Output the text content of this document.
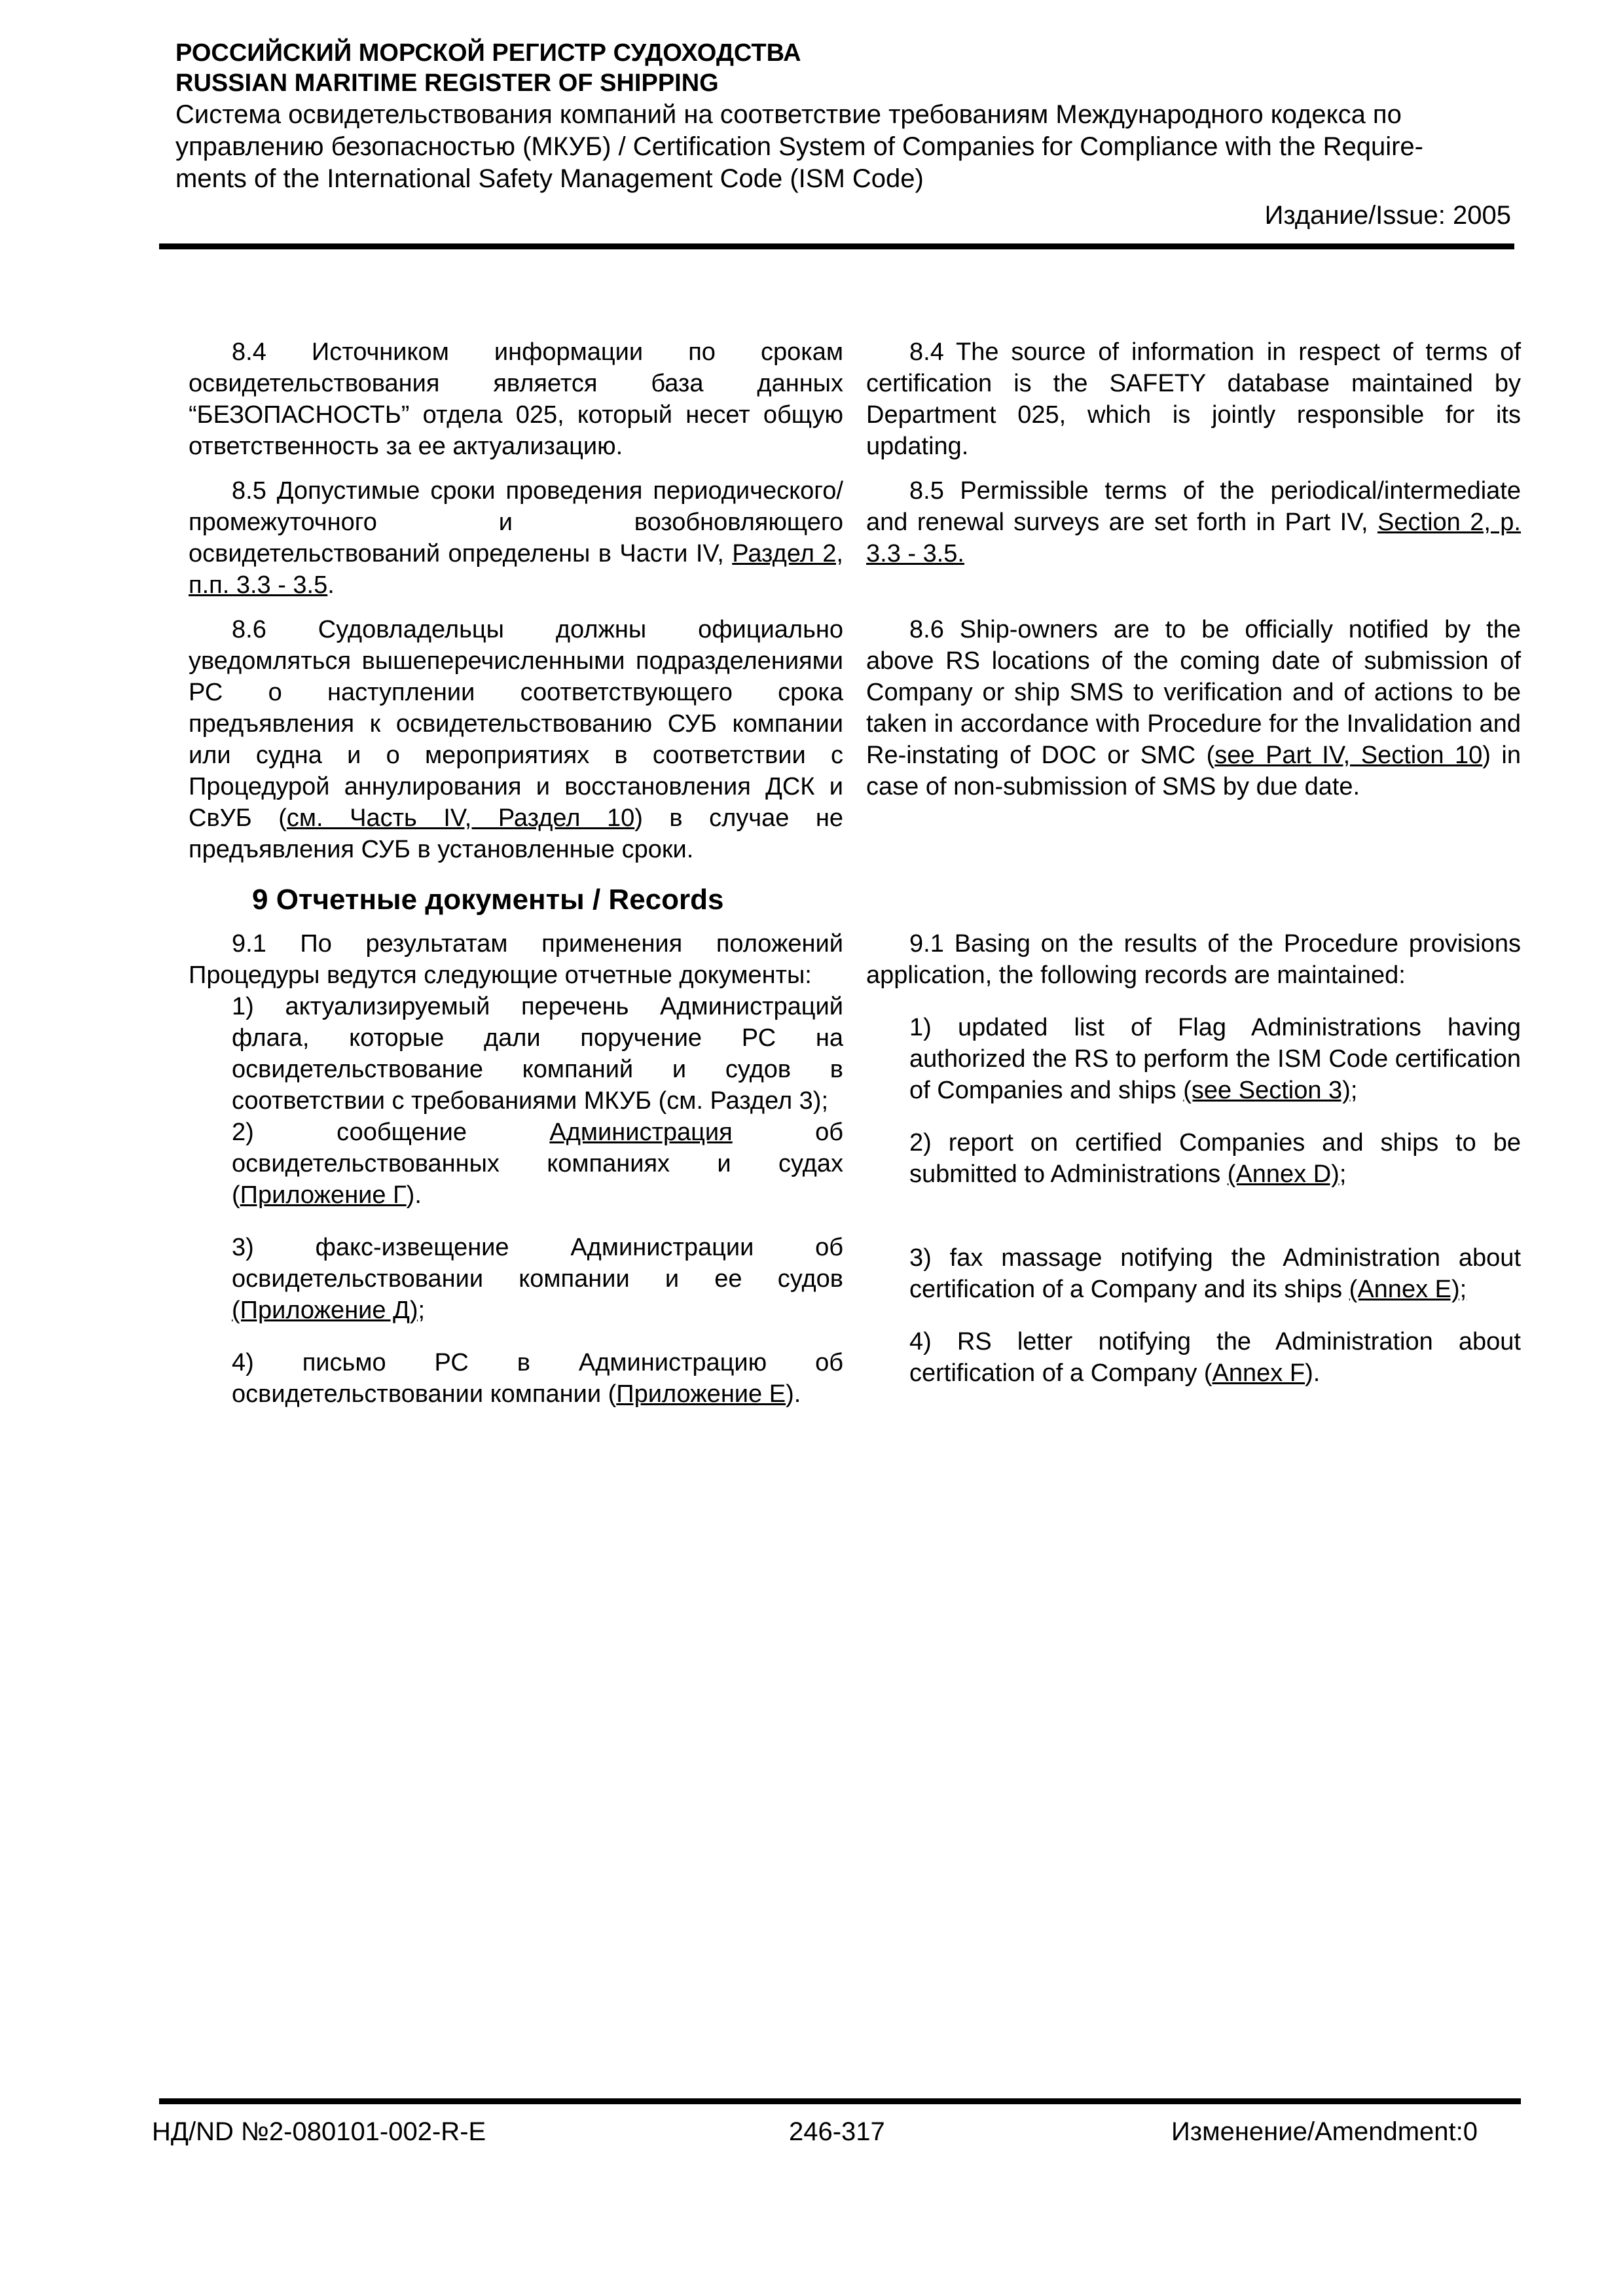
РОССИЙСКИЙ МОРСКОЙ РЕГИСТР СУДОХОДСТВА
RUSSIAN MARITIME REGISTER OF SHIPPING
Система освидетельствования компаний на соответствие требованиям Международного кодекса по
управлению безопасностью (МКУБ) / Certification System of Companies for Compliance with the Require-
ments of the International Safety Management Code (ISM Code)
Издание/Issue: 2005

8.4 Источником информации по срокам освидетельствования является база данных “БЕЗОПАСНОСТЬ” отдела 025, который несет общую ответственность за ее актуализацию.

8.5 Допустимые сроки проведения периодического/промежуточного и возобновляющего освидетельствований определены в Части IV, Раздел 2, п.п. 3.3 - 3.5.

8.6 Судовладельцы должны официально уведомляться вышеперечисленными подразделениями РС о наступлении соответствующего срока предъявления к освидетельствованию СУБ компании или судна и о мероприятиях в соответствии с Процедурой аннулирования и восстановления ДСК и СвУБ (см. Часть IV, Раздел 10) в случае не предъявления СУБ в установленные сроки.

9.1 По результатам применения положений Процедуры ведутся следующие отчетные документы:

1) актуализируемый перечень Администраций флага, которые дали поручение РС на освидетельствование компаний и судов в соответствии с требованиями МКУБ (см. Раздел 3);

2) сообщение Администрация об освидетельствованных компаниях и судах (Приложение Г).

3) факс-извещение Администрации об освидетельствовании компании и ее судов (Приложение Д);

4) письмо РС в Администрацию об освидетельствовании компании (Приложение Е).

8.4 The source of information in respect of terms of certification is the SAFETY database maintained by Department 025, which is jointly responsible for its updating.

8.5 Permissible terms of the periodical/intermediate and renewal surveys are set forth in Part IV, Section 2, p. 3.3 - 3.5.

8.6 Ship-owners are to be officially notified by the above RS locations of the coming date of submission of Company or ship SMS to verification and of actions to be taken in accordance with Procedure for the Invalidation and Re-instating of DOC or SMC (see Part IV, Section 10) in case of non-submission of SMS by due date.

9.1 Basing on the results of the Procedure provisions application, the following records are maintained:

1) updated list of Flag Administrations having authorized the RS to perform the ISM Code certification of Companies and ships (see Section 3);

2) report on certified Companies and ships to be submitted to Administrations (Annex D);

3) fax massage notifying the Administration about certification of a Company and its ships (Annex E);

4) RS letter notifying the Administration about certification of a Company (Annex F).

9 Отчетные документы / Records
НД/ND №2-080101-002-R-E	246-317	Изменение/Amendment:0
